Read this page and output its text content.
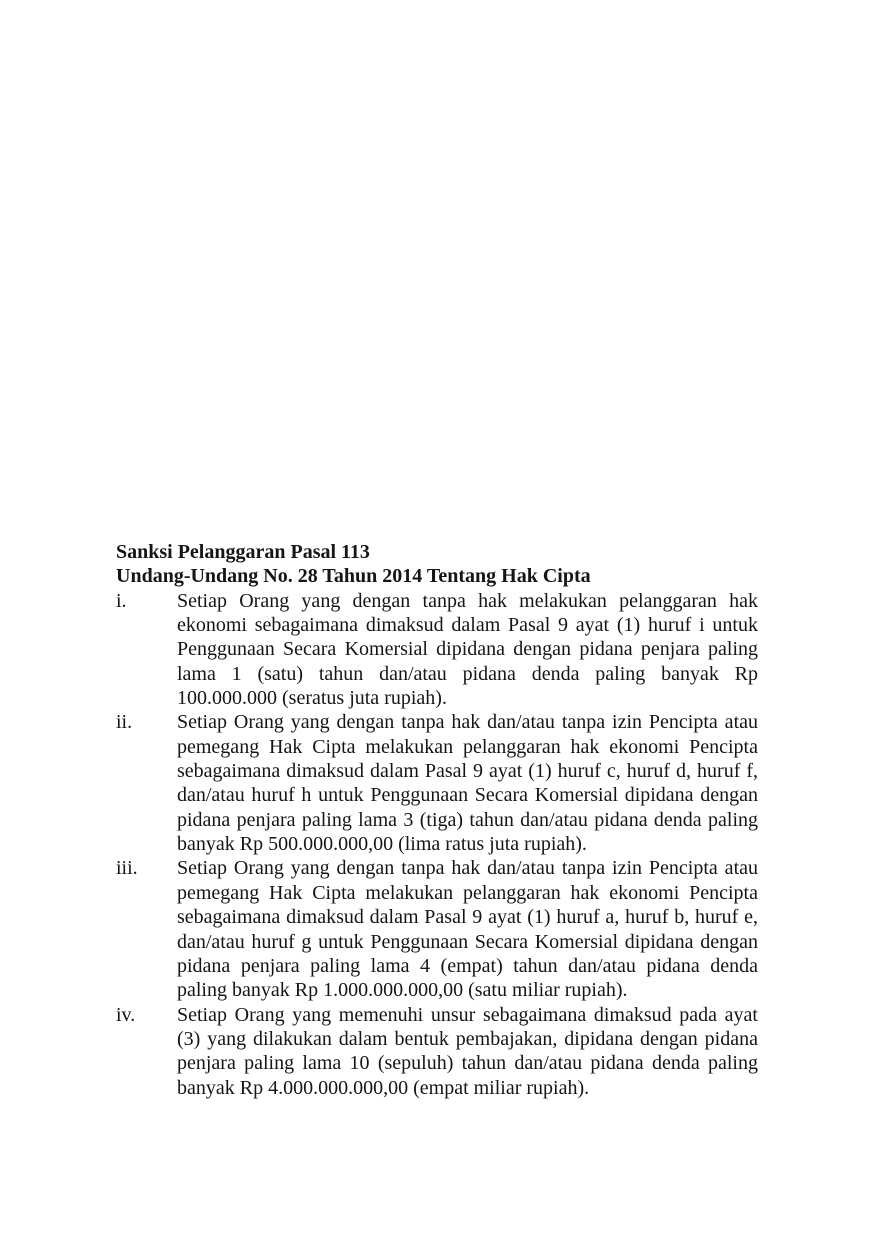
Sanksi Pelanggaran Pasal 113
Undang-Undang No. 28 Tahun 2014 Tentang Hak Cipta
i.	Setiap Orang yang dengan tanpa hak melakukan pelanggaran hak ekonomi sebagaimana dimaksud dalam Pasal 9 ayat (1) huruf i untuk Penggunaan Secara Komersial dipidana dengan pidana penjara paling lama 1 (satu) tahun dan/atau pidana denda paling banyak Rp 100.000.000 (seratus juta rupiah).
ii.	Setiap Orang yang dengan tanpa hak dan/atau tanpa izin Pencipta atau pemegang Hak Cipta melakukan pelanggaran hak ekonomi Pencipta sebagaimana dimaksud dalam Pasal 9 ayat (1) huruf c, huruf d, huruf f, dan/atau huruf h untuk Penggunaan Secara Komersial dipidana dengan pidana penjara paling lama 3 (tiga) tahun dan/atau pidana denda paling banyak Rp 500.000.000,00 (lima ratus juta rupiah).
iii.	Setiap Orang yang dengan tanpa hak dan/atau tanpa izin Pencipta atau pemegang Hak Cipta melakukan pelanggaran hak ekonomi Pencipta sebagaimana dimaksud dalam Pasal 9 ayat (1) huruf a, huruf b, huruf e, dan/atau huruf g untuk Penggunaan Secara Komersial dipidana dengan pidana penjara paling lama 4 (empat) tahun dan/atau pidana denda paling banyak Rp 1.000.000.000,00 (satu miliar rupiah).
iv.	Setiap Orang yang memenuhi unsur sebagaimana dimaksud pada ayat (3) yang dilakukan dalam bentuk pembajakan, dipidana dengan pidana penjara paling lama 10 (sepuluh) tahun dan/atau pidana denda paling banyak Rp 4.000.000.000,00 (empat miliar rupiah).
